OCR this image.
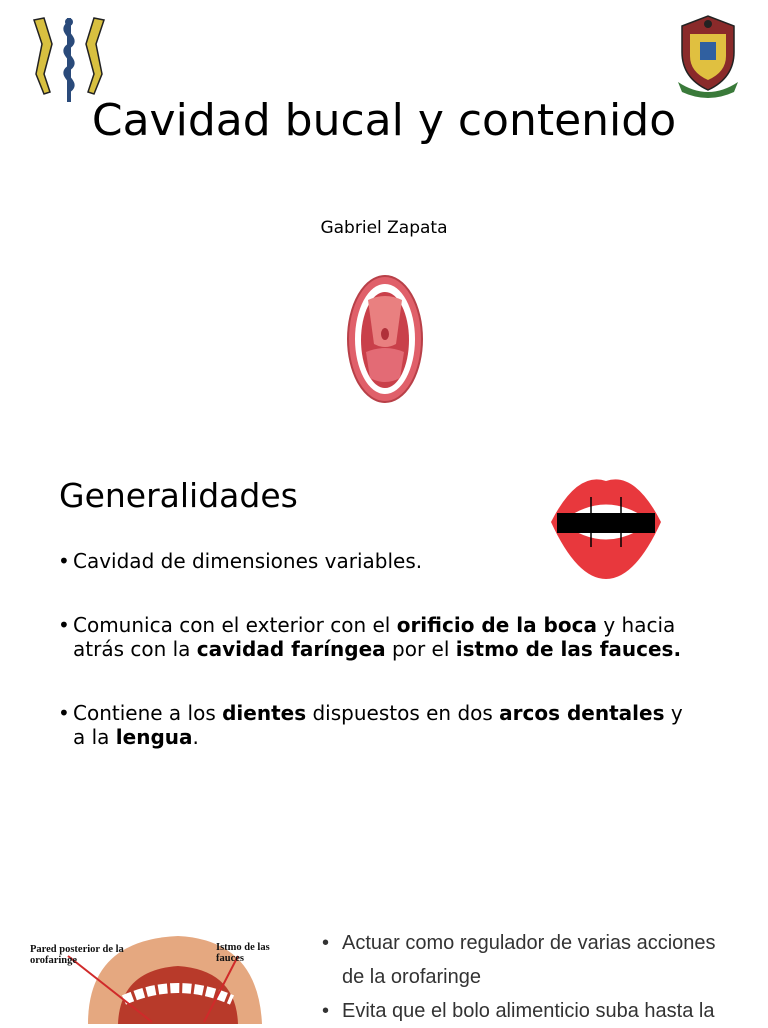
Cavidad bucal y contenido
Gabriel Zapata
Generalidades
• Cavidad de dimensiones variables.
• Comunica con el exterior con el orificio de la boca y hacia atrás con la cavidad faríngea por el istmo de las fauces.
• Contiene a los dientes dispuestos en dos arcos dentales y a la lengua.
Pared posterior de la orofaringe
Istmo de las fauces
• Actuar como regulador de varias acciones de la orofaringe
• Evita que el bolo alimenticio suba hasta la
